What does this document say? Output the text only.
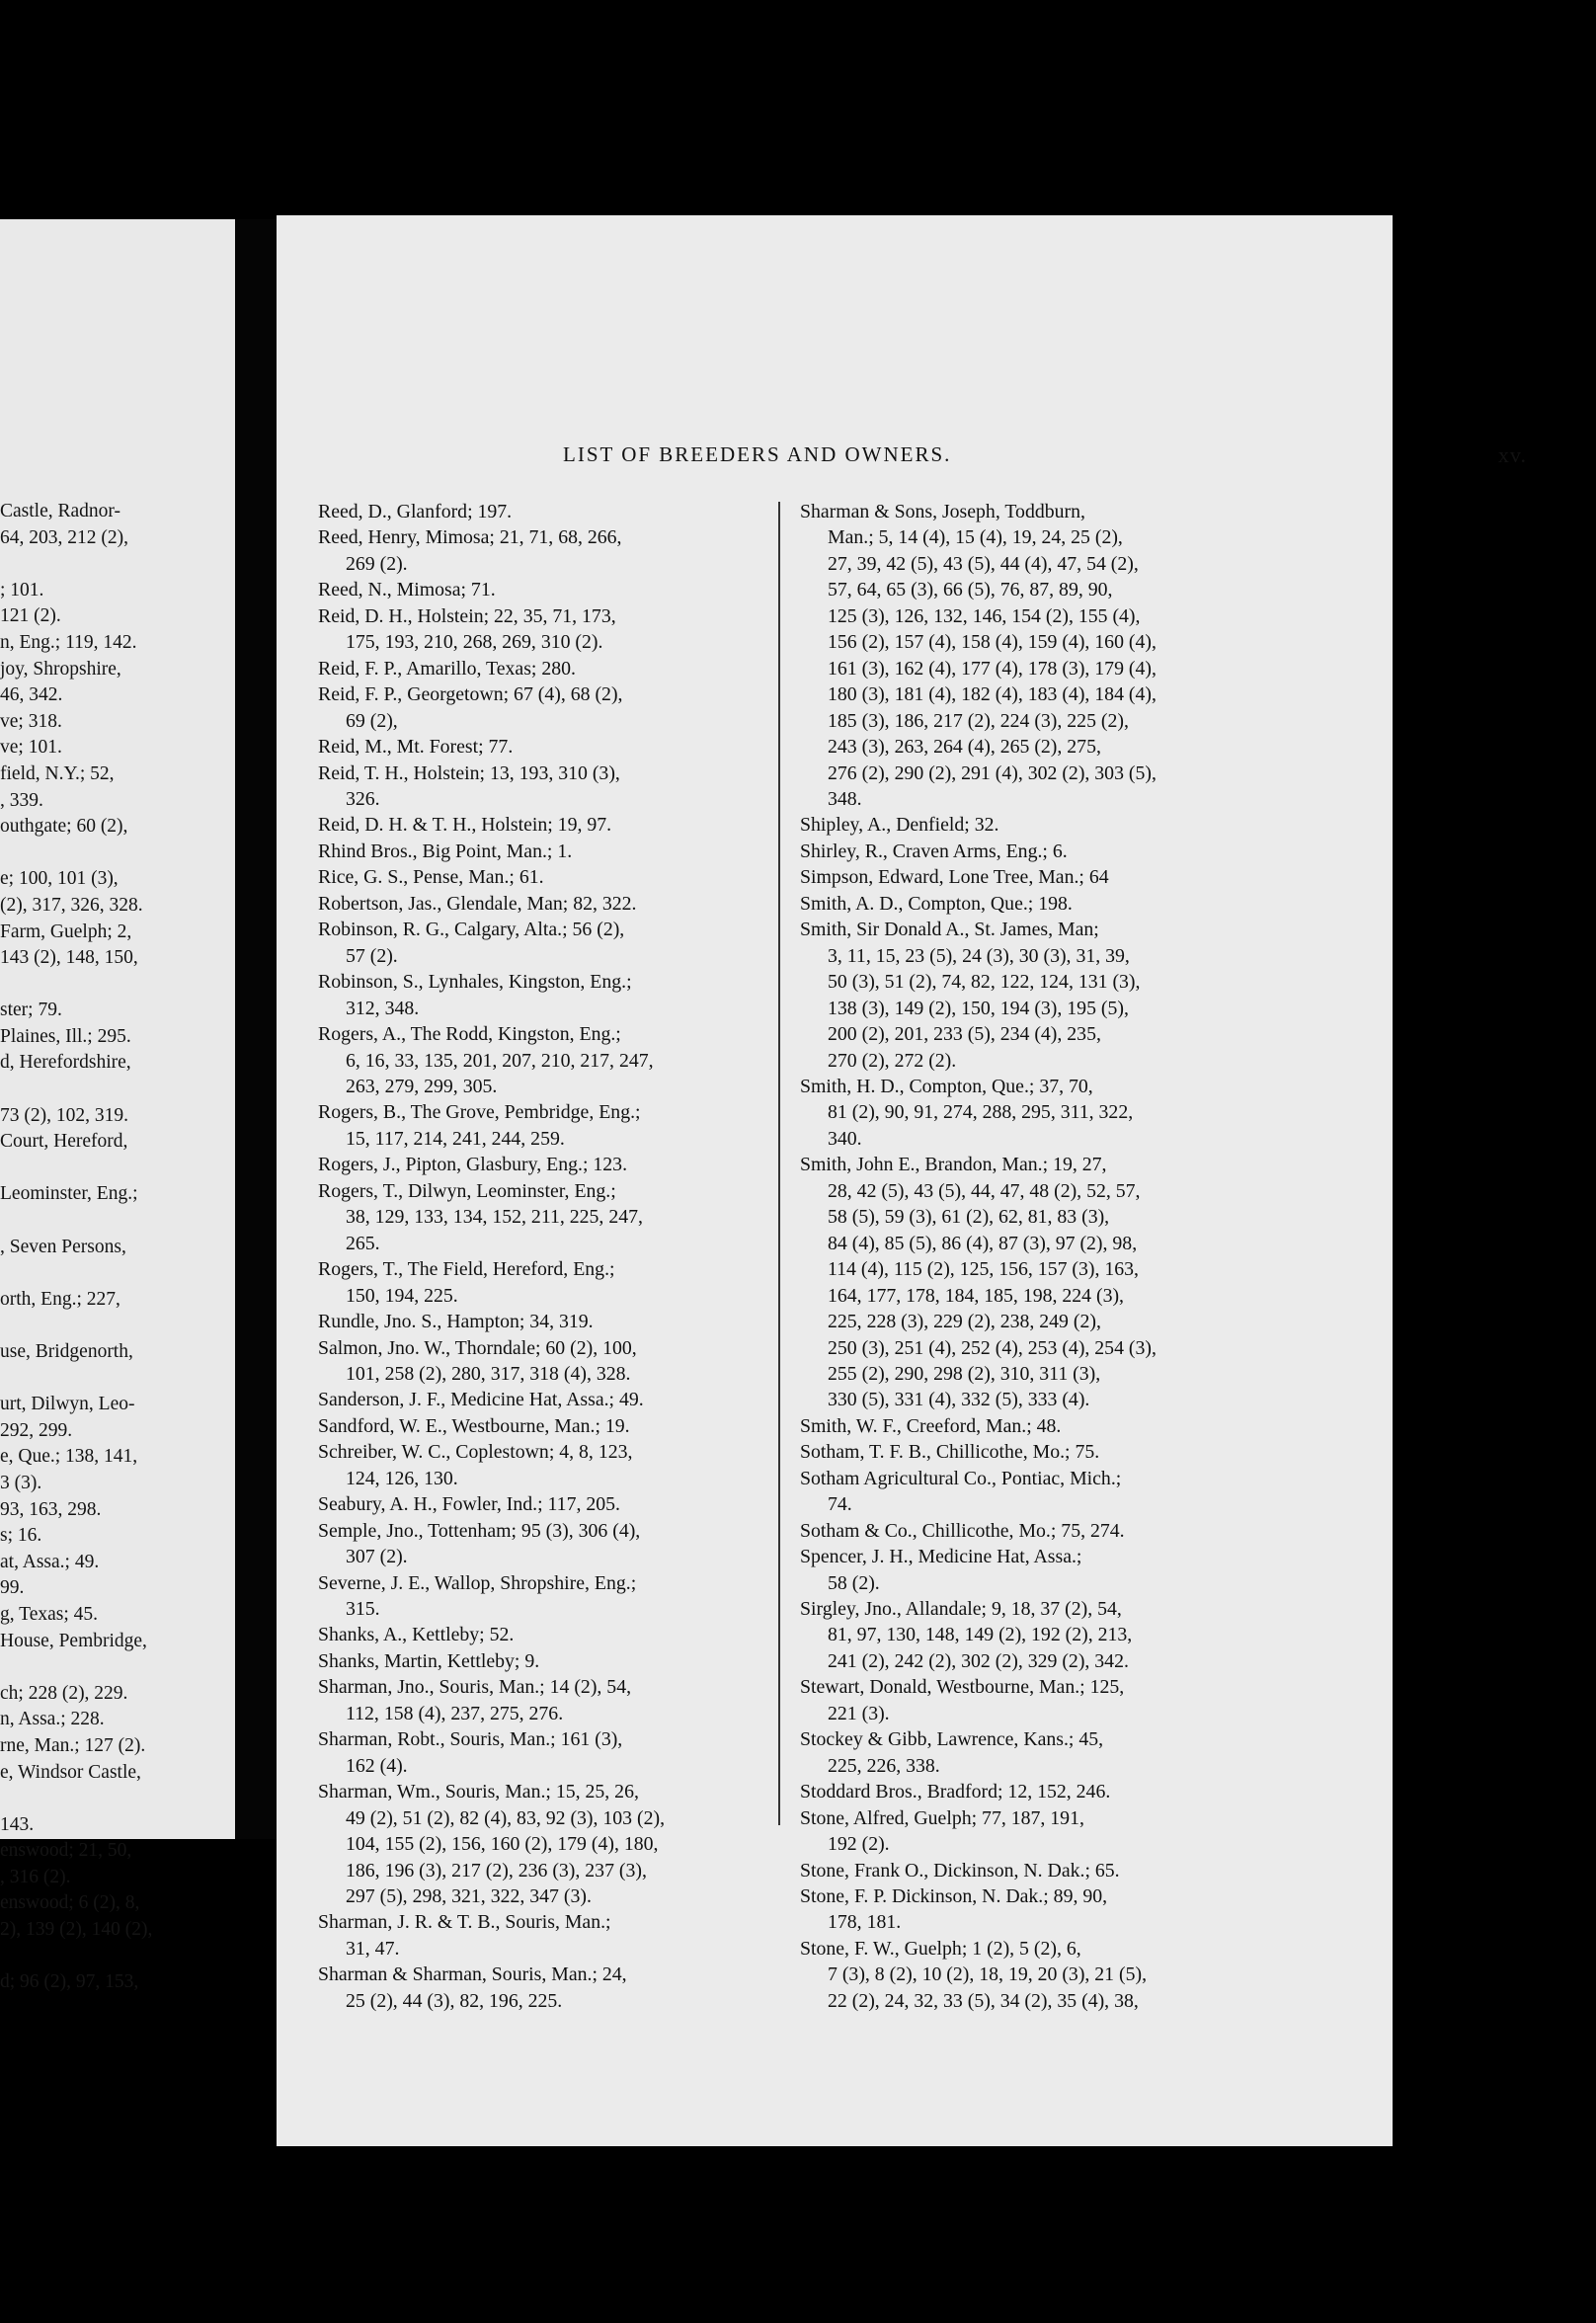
Castle, Radnor-
64, 203, 212 (2),

; 101.
121 (2).
n, Eng.; 119, 142.
joy, Shropshire,
46, 342.
ve; 318.
ve; 101.
field, N.Y.; 52,
, 339.
outhgate; 60 (2),

e; 100, 101 (3),
(2), 317, 326, 328.
Farm, Guelph; 2,
143 (2), 148, 150,

ster; 79.
Plaines, Ill.; 295.
d, Herefordshire,

73 (2), 102, 319.
Court, Hereford,

Leominster, Eng.;

, Seven Persons,

orth, Eng.; 227,

use, Bridgenorth,

urt, Dilwyn, Leo-
292, 299.
e, Que.; 138, 141,
3 (3).
93, 163, 298.
s; 16.
at, Assa.; 49.
99.
g, Texas; 45.
House, Pembridge,

ch; 228 (2), 229.
n, Assa.; 228.
rne, Man.; 127 (2).
e, Windsor Castle,

143.
enswood; 21, 50,
, 316 (2).
enswood; 6 (2), 8,
2), 139 (2), 140 (2),

d; 96 (2), 97, 153,
LIST OF BREEDERS AND OWNERS.	xv.
Reed, D., Glanford; 197.
Reed, Henry, Mimosa; 21, 71, 68, 266,
269 (2).
Reed, N., Mimosa; 71.
Reid, D. H., Holstein; 22, 35, 71, 173,
175, 193, 210, 268, 269, 310 (2).
Reid, F. P., Amarillo, Texas; 280.
Reid, F. P., Georgetown; 67 (4), 68 (2),
69 (2),
Reid, M., Mt. Forest; 77.
Reid, T. H., Holstein; 13, 193, 310 (3),
326.
Reid, D. H. & T. H., Holstein; 19, 97.
Rhind Bros., Big Point, Man.; 1.
Rice, G. S., Pense, Man.; 61.
Robertson, Jas., Glendale, Man; 82, 322.
Robinson, R. G., Calgary, Alta.; 56 (2),
57 (2).
Robinson, S., Lynhales, Kingston, Eng.;
312, 348.
Rogers, A., The Rodd, Kingston, Eng.;
6, 16, 33, 135, 201, 207, 210, 217, 247,
263, 279, 299, 305.
Rogers, B., The Grove, Pembridge, Eng.;
15, 117, 214, 241, 244, 259.
Rogers, J., Pipton, Glasbury, Eng.; 123.
Rogers, T., Dilwyn, Leominster, Eng.;
38, 129, 133, 134, 152, 211, 225, 247,
265.
Rogers, T., The Field, Hereford, Eng.;
150, 194, 225.
Rundle, Jno. S., Hampton; 34, 319.
Salmon, Jno. W., Thorndale; 60 (2), 100,
101, 258 (2), 280, 317, 318 (4), 328.
Sanderson, J. F., Medicine Hat, Assa.; 49.
Sandford, W. E., Westbourne, Man.; 19.
Schreiber, W. C., Coplestown; 4, 8, 123,
124, 126, 130.
Seabury, A. H., Fowler, Ind.; 117, 205.
Semple, Jno., Tottenham; 95 (3), 306 (4),
307 (2).
Severne, J. E., Wallop, Shropshire, Eng.;
315.
Shanks, A., Kettleby; 52.
Shanks, Martin, Kettleby; 9.
Sharman, Jno., Souris, Man.; 14 (2), 54,
112, 158 (4), 237, 275, 276.
Sharman, Robt., Souris, Man.; 161 (3),
162 (4).
Sharman, Wm., Souris, Man.; 15, 25, 26,
49 (2), 51 (2), 82 (4), 83, 92 (3), 103 (2),
104, 155 (2), 156, 160 (2), 179 (4), 180,
186, 196 (3), 217 (2), 236 (3), 237 (3),
297 (5), 298, 321, 322, 347 (3).
Sharman, J. R. & T. B., Souris, Man.;
31, 47.
Sharman & Sharman, Souris, Man.; 24,
25 (2), 44 (3), 82, 196, 225.
Sharman & Sons, Joseph, Toddburn,
Man.; 5, 14 (4), 15 (4), 19, 24, 25 (2),
27, 39, 42 (5), 43 (5), 44 (4), 47, 54 (2),
57, 64, 65 (3), 66 (5), 76, 87, 89, 90,
125 (3), 126, 132, 146, 154 (2), 155 (4),
156 (2), 157 (4), 158 (4), 159 (4), 160 (4),
161 (3), 162 (4), 177 (4), 178 (3), 179 (4),
180 (3), 181 (4), 182 (4), 183 (4), 184 (4),
185 (3), 186, 217 (2), 224 (3), 225 (2),
243 (3), 263, 264 (4), 265 (2), 275,
276 (2), 290 (2), 291 (4), 302 (2), 303 (5),
348.
Shipley, A., Denfield; 32.
Shirley, R., Craven Arms, Eng.; 6.
Simpson, Edward, Lone Tree, Man.; 64
Smith, A. D., Compton, Que.; 198.
Smith, Sir Donald A., St. James, Man;
3, 11, 15, 23 (5), 24 (3), 30 (3), 31, 39,
50 (3), 51 (2), 74, 82, 122, 124, 131 (3),
138 (3), 149 (2), 150, 194 (3), 195 (5),
200 (2), 201, 233 (5), 234 (4), 235,
270 (2), 272 (2).
Smith, H. D., Compton, Que.; 37, 70,
81 (2), 90, 91, 274, 288, 295, 311, 322,
340.
Smith, John E., Brandon, Man.; 19, 27,
28, 42 (5), 43 (5), 44, 47, 48 (2), 52, 57,
58 (5), 59 (3), 61 (2), 62, 81, 83 (3),
84 (4), 85 (5), 86 (4), 87 (3), 97 (2), 98,
114 (4), 115 (2), 125, 156, 157 (3), 163,
164, 177, 178, 184, 185, 198, 224 (3),
225, 228 (3), 229 (2), 238, 249 (2),
250 (3), 251 (4), 252 (4), 253 (4), 254 (3),
255 (2), 290, 298 (2), 310, 311 (3),
330 (5), 331 (4), 332 (5), 333 (4).
Smith, W. F., Creeford, Man.; 48.
Sotham, T. F. B., Chillicothe, Mo.; 75.
Sotham Agricultural Co., Pontiac, Mich.;
74.
Sotham & Co., Chillicothe, Mo.; 75, 274.
Spencer, J. H., Medicine Hat, Assa.;
58 (2).
Sirgley, Jno., Allandale; 9, 18, 37 (2), 54,
81, 97, 130, 148, 149 (2), 192 (2), 213,
241 (2), 242 (2), 302 (2), 329 (2), 342.
Stewart, Donald, Westbourne, Man.; 125,
221 (3).
Stockey & Gibb, Lawrence, Kans.; 45,
225, 226, 338.
Stoddard Bros., Bradford; 12, 152, 246.
Stone, Alfred, Guelph; 77, 187, 191,
192 (2).
Stone, Frank O., Dickinson, N. Dak.; 65.
Stone, F. P. Dickinson, N. Dak.; 89, 90,
178, 181.
Stone, F. W., Guelph; 1 (2), 5 (2), 6,
7 (3), 8 (2), 10 (2), 18, 19, 20 (3), 21 (5),
22 (2), 24, 32, 33 (5), 34 (2), 35 (4), 38,
